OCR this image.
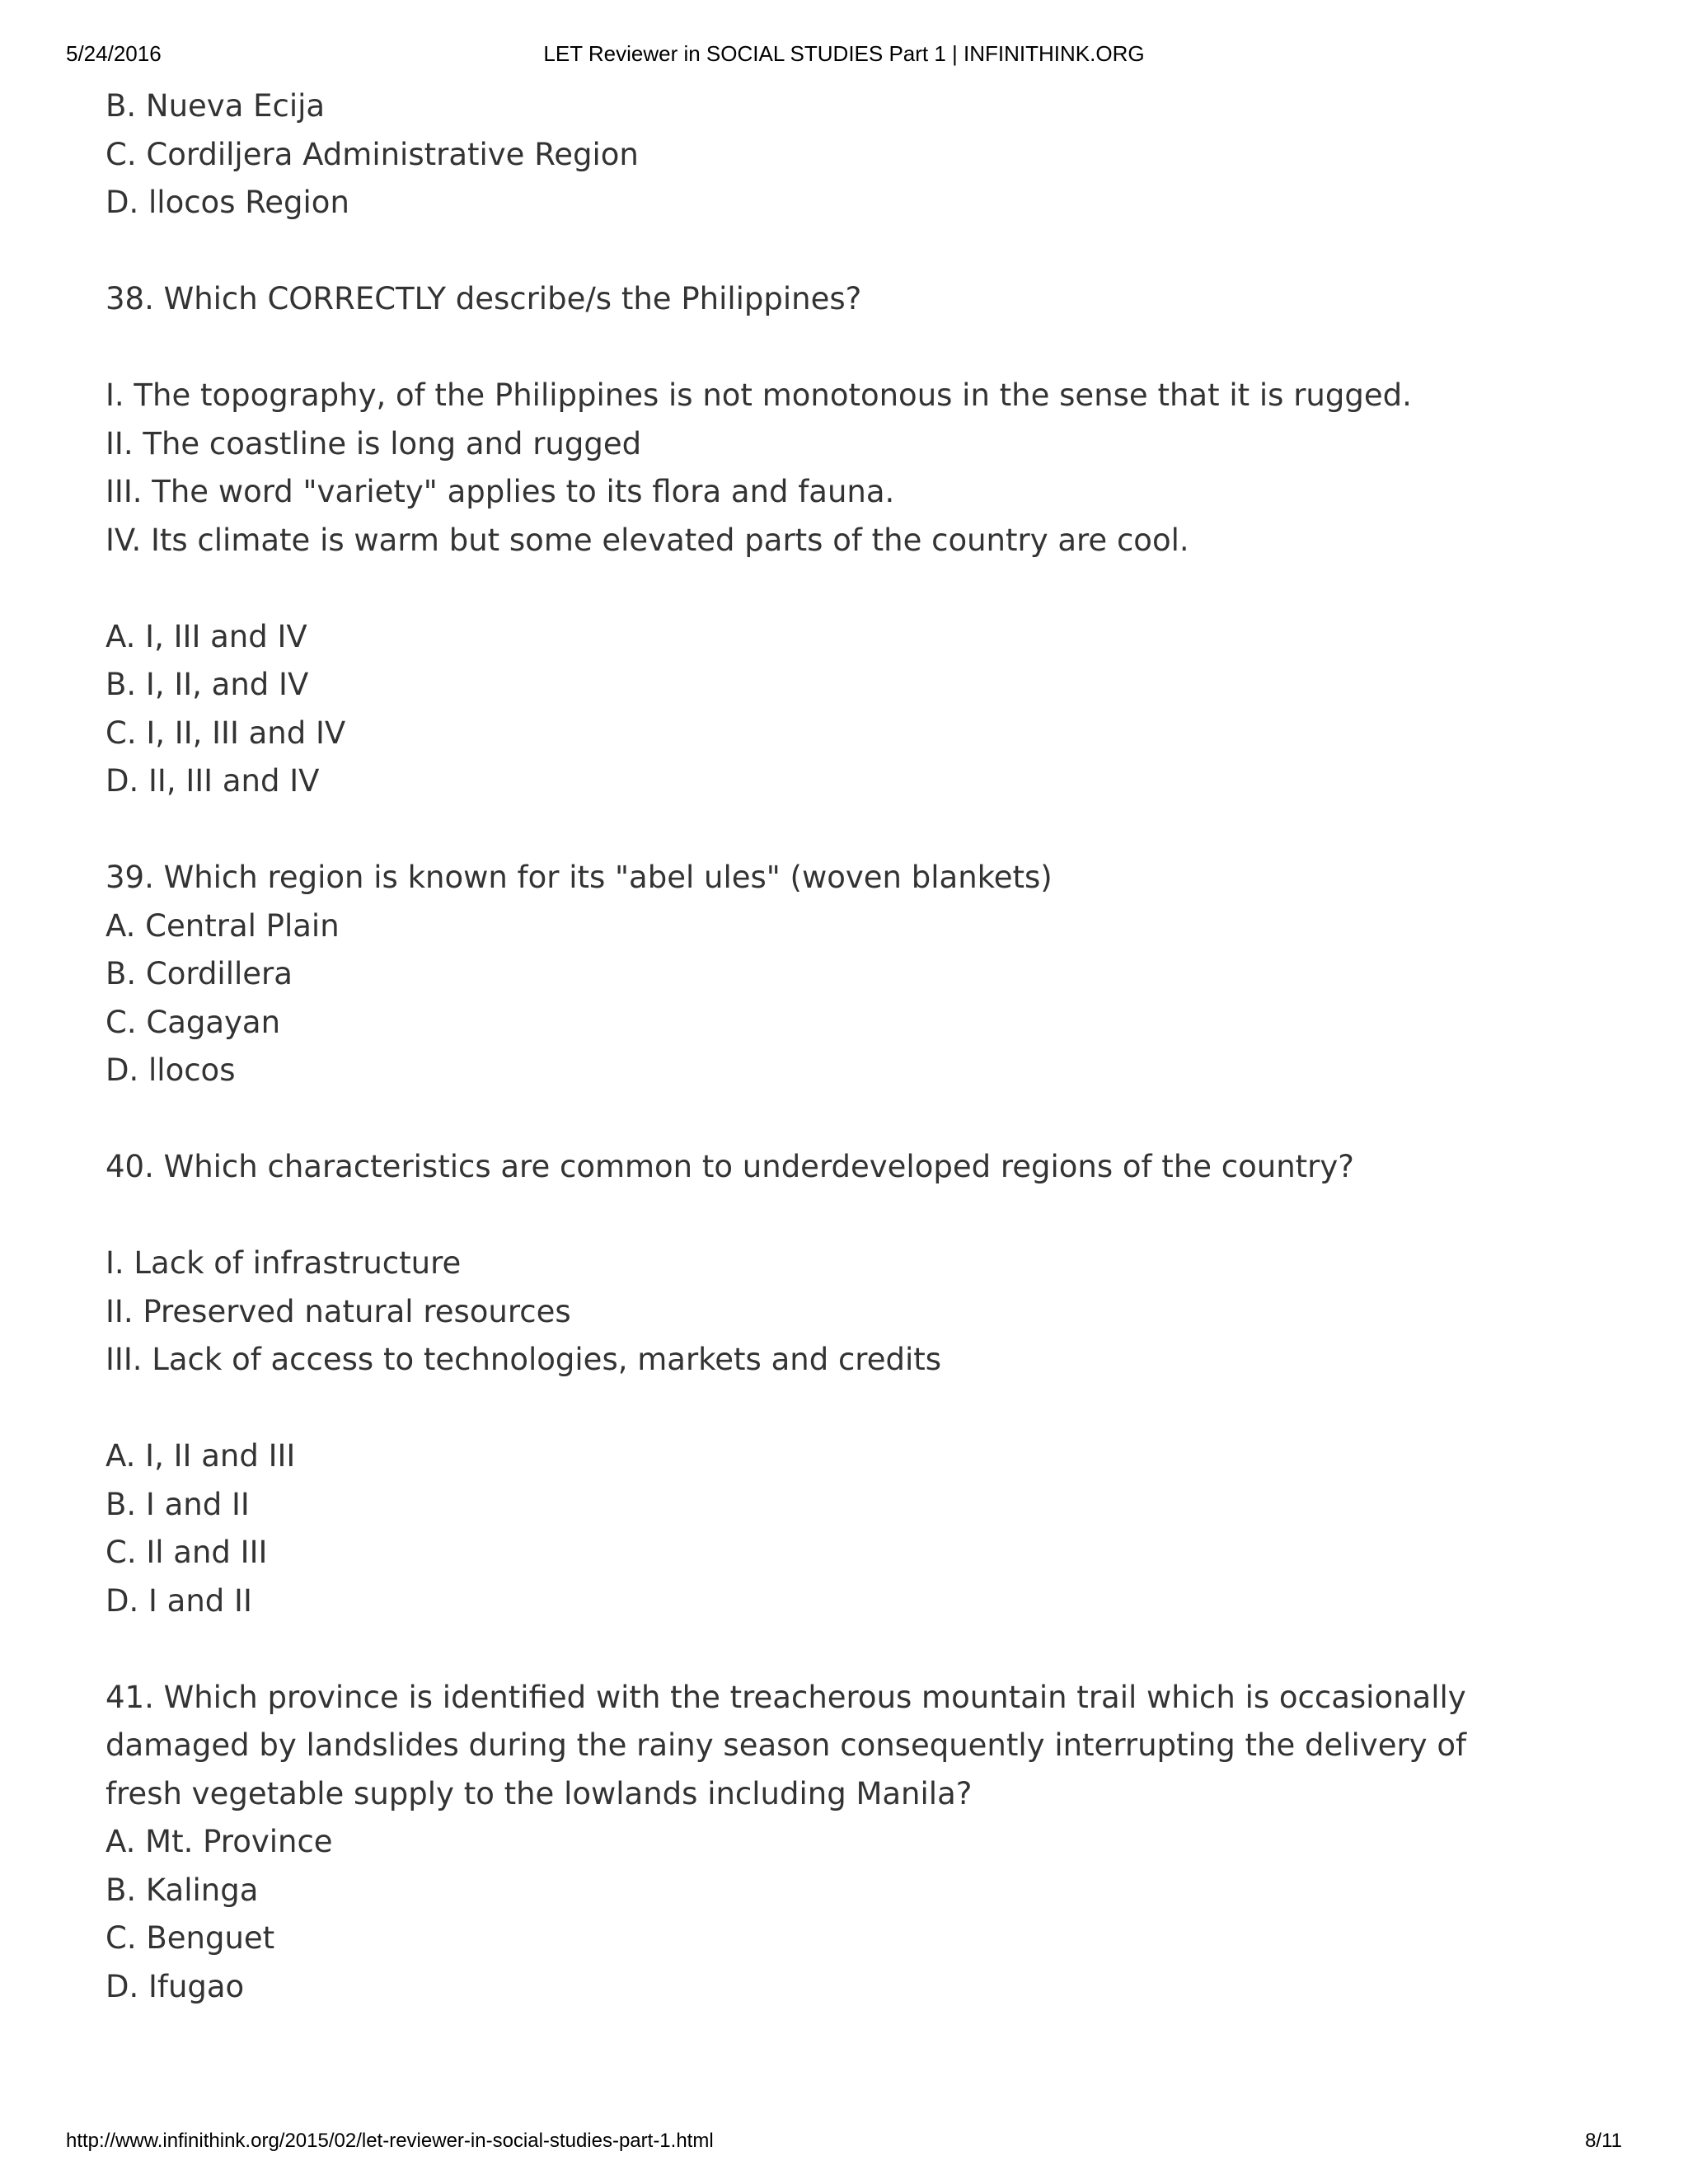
5/24/2016	LET Reviewer in SOCIAL STUDIES Part 1 | INFINITHINK.ORG
B. Nueva Ecija
C. Cordiljera Administrative Region
D. llocos Region
38. Which CORRECTLY describe/s the Philippines?
I. The topography, of the Philippines is not monotonous in the sense that it is rugged.
II. The coastline is long and rugged
III. The word "variety" applies to its flora and fauna.
IV. Its climate is warm but some elevated parts of the country are cool.
A. I, III and IV
B. I, II, and IV
C. I, II, III and IV
D. II, III and IV
39. Which region is known for its "abel ules" (woven blankets)
A. Central Plain
B. Cordillera
C. Cagayan
D. llocos
40. Which characteristics are common to underdeveloped regions of the country?
I. Lack of infrastructure
II. Preserved natural resources
III. Lack of access to technologies, markets and credits
A. I, II and III
B. I and II
C. Il and III
D. I and II
41. Which province is identified with the treacherous mountain trail which is occasionally
damaged by landslides during the rainy season consequently interrupting the delivery of
fresh vegetable supply to the lowlands including Manila?
A. Mt. Province
B. Kalinga
C. Benguet
D. Ifugao
http://www.infinithink.org/2015/02/let-reviewer-in-social-studies-part-1.html	8/11
